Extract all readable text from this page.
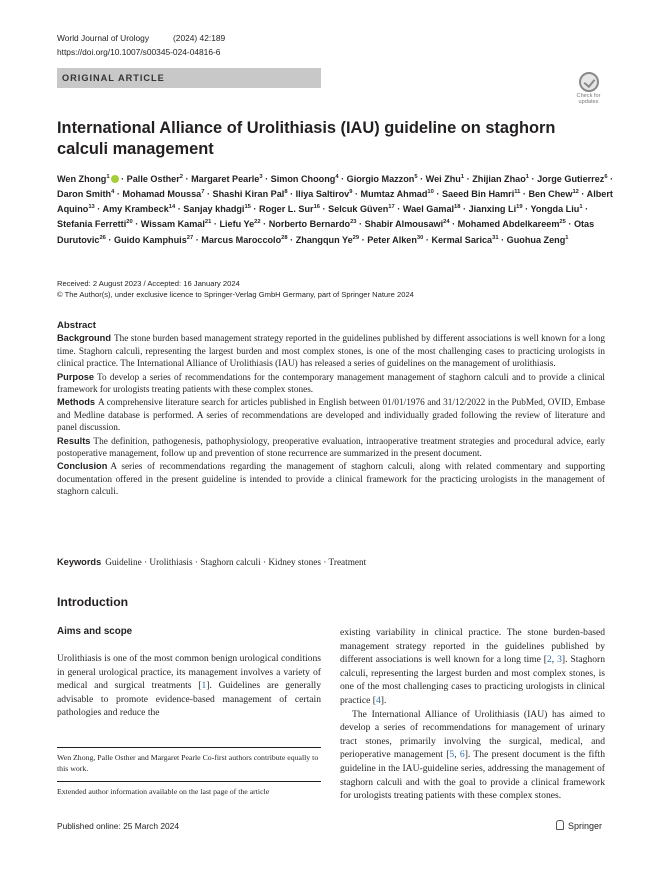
World Journal of Urology	(2024) 42:189
https://doi.org/10.1007/s00345-024-04816-6
ORIGINAL ARTICLE
Check for
updates
International Alliance of Urolithiasis (IAU) guideline on staghorn calculi management
Wen Zhong$^1$ · Palle Osther$^2$ · Margaret Pearle$^3$ · Simon Choong$^4$ · Giorgio Mazzon$^5$ · Wei Zhu$^1$ · Zhijian Zhao$^1$ · Jorge Gutierrez$^6$ · Daron Smith$^4$ · Mohamad Moussa$^7$ · Shashi Kiran Pal$^8$ · Iliya Saltirov$^9$ · Mumtaz Ahmad$^{10}$ · Saeed Bin Hamri$^{11}$ · Ben Chew$^{12}$ · Albert Aquino$^{13}$ · Amy Krambeck$^{14}$ · Sanjay khadgi$^{15}$ · Roger L. Sur$^{16}$ · Selcuk Güven$^{17}$ · Wael Gamal$^{18}$ · Jianxing $Li^{19}$ · Yongda Liu$^1$ · Stefania Ferretti$^{20}$ · Wissam Kamal$^{21}$ · Liefu $Ye^{22}$ · Norberto Bernardo$^{23}$ · Shabir Almousawi$^{24}$ · Mohamed Abdelkareem$^{25}$ · Otas Durutovic$^{26}$ · Guido Kamphuis$^{27}$ · Marcus Maroccolo$^{28}$ · Zhangqun $Ye^{29}$ · Peter Alken$^{30}$ · Kermal Sarica$^{31}$ · Guohua Zeng$^1$
Received: 2 August 2023 / Accepted: 16 January 2024
© The Author(s), under exclusive licence to Springer-Verlag GmbH Germany, part of Springer Nature 2024
Abstract

Background The stone burden based management strategy reported in the guidelines published by different associations is well known for a long time. Staghorn calculi, representing the largest burden and most complex stones, is one of the most challenging cases to practicing urologists in clinical practice. The International Alliance of Urolithiasis (IAU) has released a series of guidelines on the management of urolithiasis.

Purpose To develop a series of recommendations for the contemporary management management of staghorn calculi and to provide a clinical framework for urologists treating patients with these complex stones.

Methods A comprehensive literature search for articles published in English between 01/01/1976 and 31/12/2022 in the PubMed, OVID, Embase and Medline database is performed. A series of recommendations are developed and individually graded following the review of literature and panel discussion.

Results The definition, pathogenesis, pathophysiology, preoperative evaluation, intraoperative treatment strategies and procedural advice, early postoperative management, follow up and prevention of stone recurrence are summarized in the present document.

Conclusion A series of recommendations regarding the management of staghorn calculi, along with related commentary and supporting documentation offered in the present guideline is intended to provide a clinical framework for the practicing urologists in the management of staghorn calculi.

Keywords Guideline · Urolithiasis · Staghorn calculi · Kidney stones · Treatment
Introduction
Aims and scope
Urolithiasis is one of the most common benign urological conditions in general urological practice, its management involves a variety of medical and surgical treatments [1]. Guidelines are generally advisable to promote evidence-based management of certain pathologies and reduce the

existing variability in clinical practice. The stone burden-based management strategy reported in the guidelines published by different associations is well known for a long time [2, 3]. Staghorn calculi, representing the largest burden and most complex stones, is one of the most challenging cases to practicing urologists in clinical practice [4].

The International Alliance of Urolithiasis (IAU) has aimed to develop a series of recommendations for management of urinary tract stones, primarily involving the surgical, medical, and perioperative management [5, 6]. The present document is the fifth guideline in the IAU-guideline series, addressing the management of staghorn calculi and with the goal to provide a clinical framework for urologists treating patients with these complex stones.

Wen Zhong, Palle Osther and Margaret Pearle Co-first authors contribute equally to this work.
Extended author information available on the last page of the article
Published online: 25 March 2024	Springer
